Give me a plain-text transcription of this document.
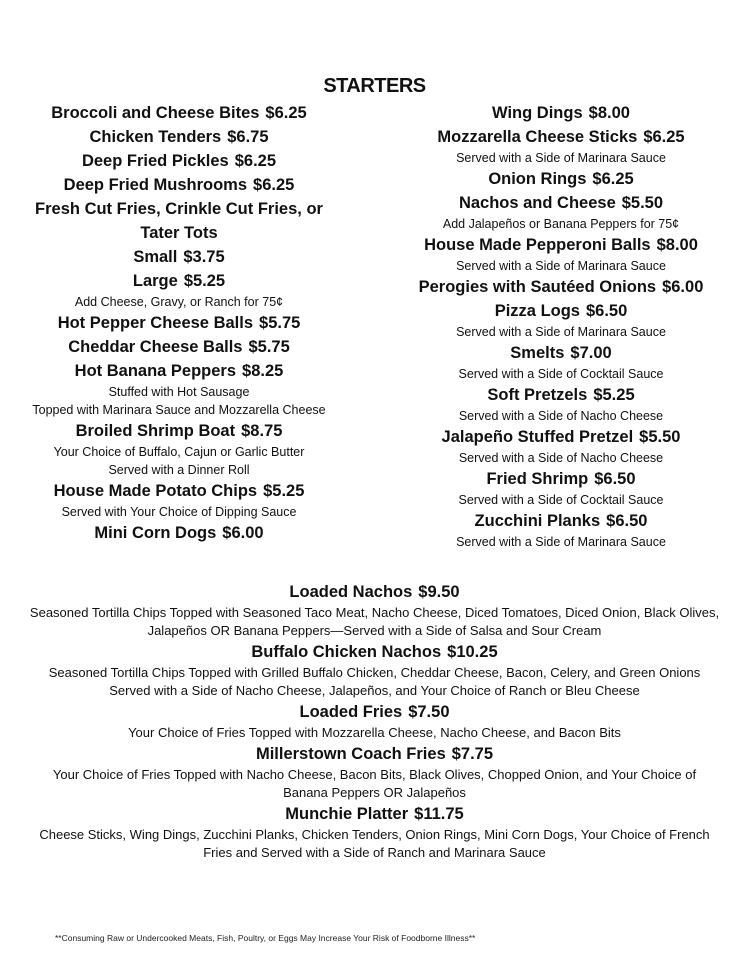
STARTERS
Broccoli and Cheese Bites $6.25
Chicken Tenders $6.75
Deep Fried Pickles $6.25
Deep Fried Mushrooms $6.25
Fresh Cut Fries, Crinkle Cut Fries, or
Tater Tots
Small $3.75
Large $5.25
Add Cheese, Gravy, or Ranch for 75¢
Hot Pepper Cheese Balls $5.75
Cheddar Cheese Balls $5.75
Hot Banana Peppers $8.25
Stuffed with Hot Sausage
Topped with Marinara Sauce and Mozzarella Cheese
Broiled Shrimp Boat $8.75
Your Choice of Buffalo, Cajun or Garlic Butter
Served with a Dinner Roll
House Made Potato Chips $5.25
Served with Your Choice of Dipping Sauce
Mini Corn Dogs $6.00
Wing Dings $8.00
Mozzarella Cheese Sticks $6.25
Served with a Side of Marinara Sauce
Onion Rings $6.25
Nachos and Cheese $5.50
Add Jalapeños or Banana Peppers for 75¢
House Made Pepperoni Balls $8.00
Served with a Side of Marinara Sauce
Perogies with Sautéed Onions $6.00
Pizza Logs $6.50
Served with a Side of Marinara Sauce
Smelts $7.00
Served with a Side of Cocktail Sauce
Soft Pretzels $5.25
Served with a Side of Nacho Cheese
Jalapeño Stuffed Pretzel $5.50
Served with a Side of Nacho Cheese
Fried Shrimp $6.50
Served with a Side of Cocktail Sauce
Zucchini Planks $6.50
Served with a Side of Marinara Sauce
Loaded Nachos $9.50
Seasoned Tortilla Chips Topped with Seasoned Taco Meat, Nacho Cheese, Diced Tomatoes, Diced Onion, Black Olives,
Jalapeños OR Banana Peppers—Served with a Side of Salsa and Sour Cream
Buffalo Chicken Nachos $10.25
Seasoned Tortilla Chips Topped with Grilled Buffalo Chicken, Cheddar Cheese, Bacon, Celery, and Green Onions
Served with a Side of Nacho Cheese, Jalapeños, and Your Choice of Ranch or Bleu Cheese
Loaded Fries $7.50
Your Choice of Fries Topped with Mozzarella Cheese, Nacho Cheese, and Bacon Bits
Millerstown Coach Fries $7.75
Your Choice of Fries Topped with Nacho Cheese, Bacon Bits, Black Olives, Chopped Onion, and Your Choice of
Banana Peppers OR Jalapeños
Munchie Platter $11.75
Cheese Sticks, Wing Dings, Zucchini Planks, Chicken Tenders, Onion Rings, Mini Corn Dogs, Your Choice of French
Fries and Served with a Side of Ranch and Marinara Sauce
**Consuming Raw or Undercooked Meats, Fish, Poultry, or Eggs May Increase Your Risk of Foodborne Illness**
